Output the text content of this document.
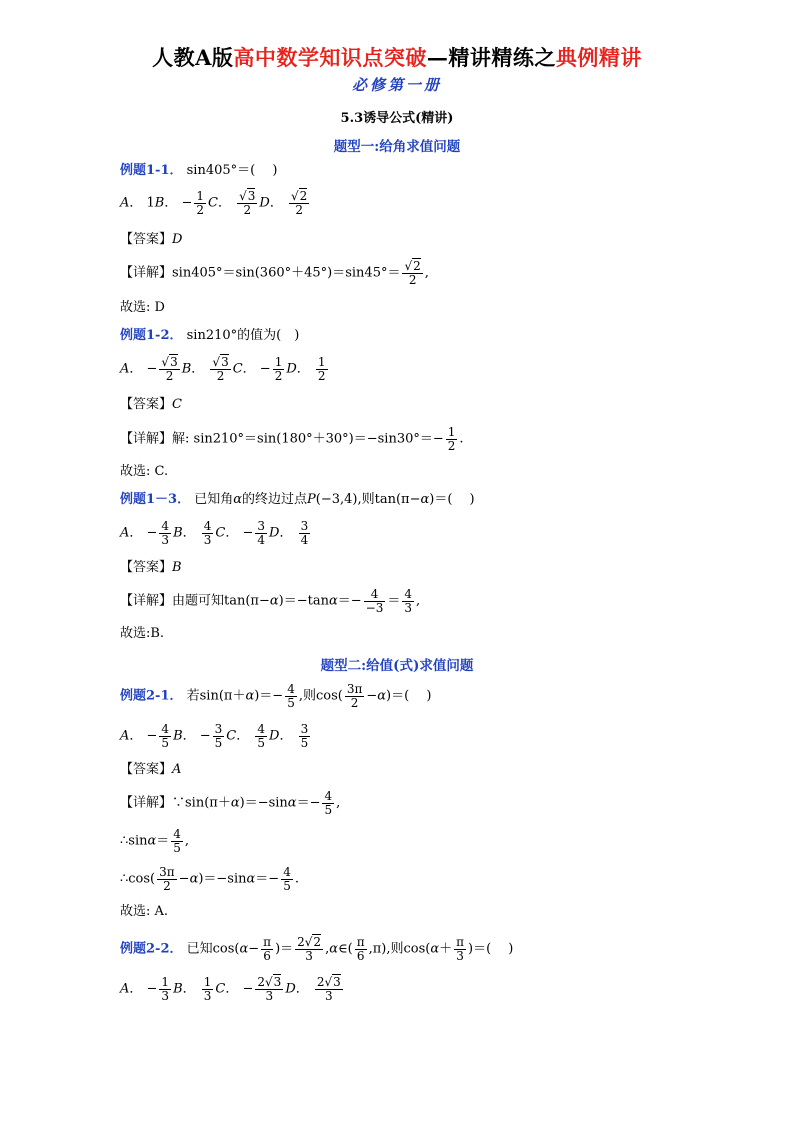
人教A版高中数学知识点突破—精讲精练之典例精讲
必修第一册
5.3诱导公式(精讲)
题型一:给角求值问题
例题1-1． sin405°＝(　 )
A． 1B． − $\frac{1}{2}$ C． $\frac{√3}{2}$ D． $\frac{√2}{2}$
【答案】D
【详解】$\sin 405^\circ=\sin(360^\circ+45^\circ)=\sin 45^\circ= \frac{√2}{2}$ ,
故选: D
例题1-2． sin210°的值为(　)
A． − $\frac{√3}{2}$ B． $\frac{√3}{2}$ C． − $\frac{1}{2}$ D． $\frac{1}{2}$
【答案】C
【详解】解: $\sin 210^\circ=\sin(180^\circ+30^\circ)=-\sin 30^\circ=- \frac{1}{2}$ .
故选: C.
例题1－3． 已知角α的终边过点P(−3,4),则tan(π−α)＝(　 )
A． − $\frac{4}{3}$ B． $\frac{4}{3}$ C． − $\frac{3}{4}$ D． $\frac{3}{4}$
【答案】B
【详解】由题可知$\tan(\pi-\alpha)=-\tan\alpha=- \frac{4}{-3} = \frac{4}{3}$ ,
故选:B.
题型二:给值(式)求值问题
例题2-1． 若$\sin(\pi+\alpha)=- \frac{4}{5}$ ,则$\cos( \frac{3\pi}{2} -\alpha)=$(　 )
A． − $\frac{4}{5}$ B． − $\frac{3}{5}$ C． $\frac{4}{5}$ D． $\frac{3}{5}$
【答案】A
【详解】∵sin(π＋α)＝−sinα＝− $\frac{4}{5}$ ,
∴sinα＝ $\frac{4}{5}$ ,
∴cos( $\frac{3\pi}{2} -\alpha)=-\sin\alpha=- \frac{4}{5}$ .
故选: A.
例题2-2． 已知$\cos(\alpha- \frac{\pi}{6}$ )＝ $\frac{2√2}{3}$ ,α∈( $\frac{\pi}{6} ,\pi$),则$\cos(\alpha+ \frac{\pi}{3}$ )＝(　 )
A． − $\frac{1}{3}$ B． $\frac{1}{3}$ C． − $\frac{2√3}{3}$ D． $\frac{2√3}{3}$
